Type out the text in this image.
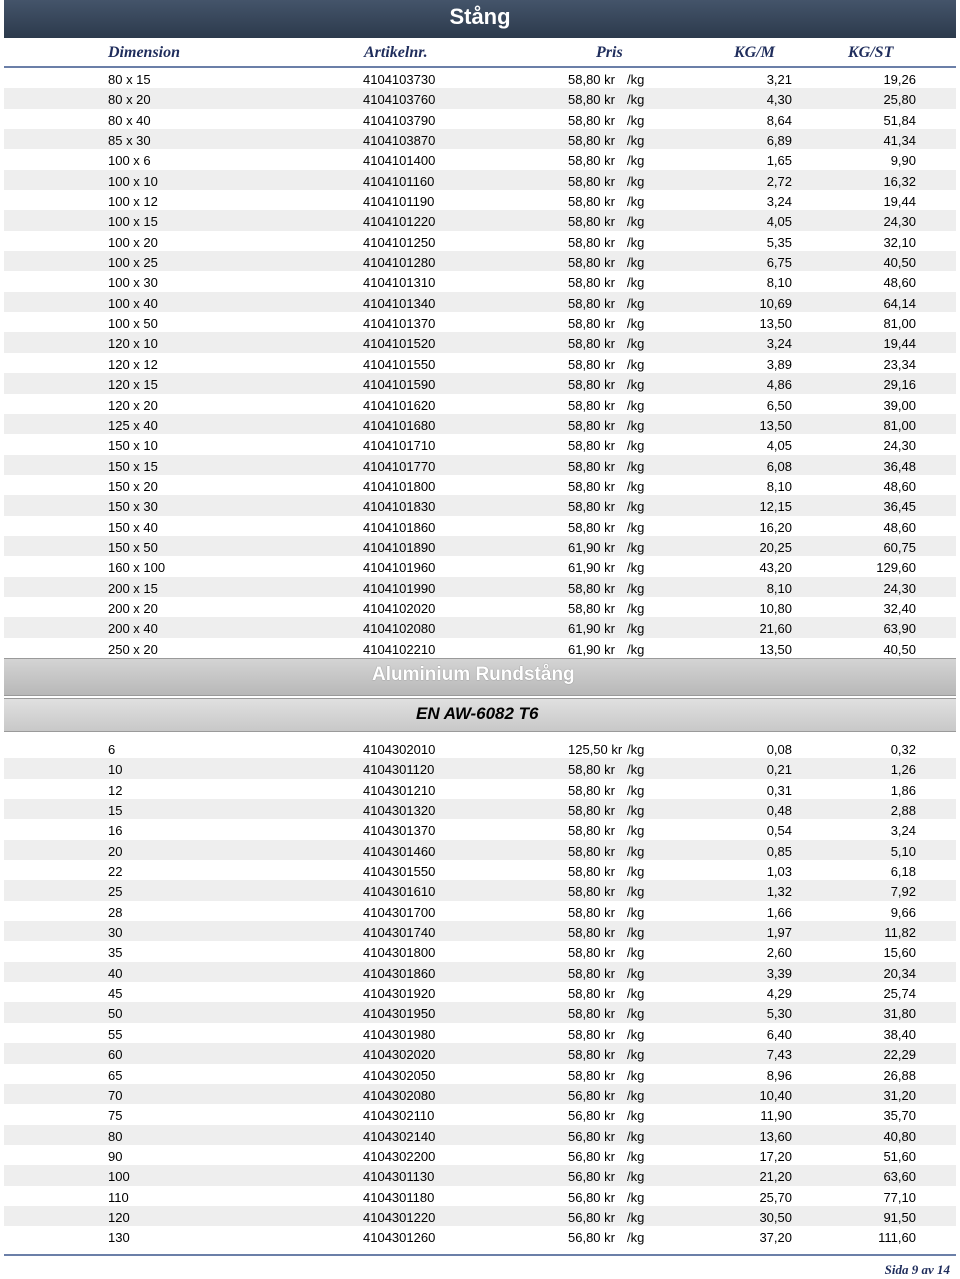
Stång
Dimension	Artikelnr.	Pris	KG/M	KG/ST
80 x 15	4104103730	58,80 kr /kg	3,21	19,26
80 x 20	4104103760	58,80 kr /kg	4,30	25,80
80 x 40	4104103790	58,80 kr /kg	8,64	51,84
85 x 30	4104103870	58,80 kr /kg	6,89	41,34
100 x 6	4104101400	58,80 kr /kg	1,65	9,90
100 x 10	4104101160	58,80 kr /kg	2,72	16,32
100 x 12	4104101190	58,80 kr /kg	3,24	19,44
100 x 15	4104101220	58,80 kr /kg	4,05	24,30
100 x 20	4104101250	58,80 kr /kg	5,35	32,10
100 x 25	4104101280	58,80 kr /kg	6,75	40,50
100 x 30	4104101310	58,80 kr /kg	8,10	48,60
100 x 40	4104101340	58,80 kr /kg	10,69	64,14
100 x 50	4104101370	58,80 kr /kg	13,50	81,00
120 x 10	4104101520	58,80 kr /kg	3,24	19,44
120 x 12	4104101550	58,80 kr /kg	3,89	23,34
120 x 15	4104101590	58,80 kr /kg	4,86	29,16
120 x 20	4104101620	58,80 kr /kg	6,50	39,00
125 x 40	4104101680	58,80 kr /kg	13,50	81,00
150 x 10	4104101710	58,80 kr /kg	4,05	24,30
150 x 15	4104101770	58,80 kr /kg	6,08	36,48
150 x 20	4104101800	58,80 kr /kg	8,10	48,60
150 x 30	4104101830	58,80 kr /kg	12,15	36,45
150 x 40	4104101860	58,80 kr /kg	16,20	48,60
150 x 50	4104101890	61,90 kr /kg	20,25	60,75
160 x 100	4104101960	61,90 kr /kg	43,20	129,60
200 x 15	4104101990	58,80 kr /kg	8,10	24,30
200 x 20	4104102020	58,80 kr /kg	10,80	32,40
200 x 40	4104102080	61,90 kr /kg	21,60	63,90
250 x 20	4104102210	61,90 kr /kg	13,50	40,50
Aluminium Rundstång
EN AW-6082 T6
6	4104302010	125,50 kr /kg	0,08	0,32
10	4104301120	58,80 kr /kg	0,21	1,26
12	4104301210	58,80 kr /kg	0,31	1,86
15	4104301320	58,80 kr /kg	0,48	2,88
16	4104301370	58,80 kr /kg	0,54	3,24
20	4104301460	58,80 kr /kg	0,85	5,10
22	4104301550	58,80 kr /kg	1,03	6,18
25	4104301610	58,80 kr /kg	1,32	7,92
28	4104301700	58,80 kr /kg	1,66	9,66
30	4104301740	58,80 kr /kg	1,97	11,82
35	4104301800	58,80 kr /kg	2,60	15,60
40	4104301860	58,80 kr /kg	3,39	20,34
45	4104301920	58,80 kr /kg	4,29	25,74
50	4104301950	58,80 kr /kg	5,30	31,80
55	4104301980	58,80 kr /kg	6,40	38,40
60	4104302020	58,80 kr /kg	7,43	22,29
65	4104302050	58,80 kr /kg	8,96	26,88
70	4104302080	56,80 kr /kg	10,40	31,20
75	4104302110	56,80 kr /kg	11,90	35,70
80	4104302140	56,80 kr /kg	13,60	40,80
90	4104302200	56,80 kr /kg	17,20	51,60
100	4104301130	56,80 kr /kg	21,20	63,60
110	4104301180	56,80 kr /kg	25,70	77,10
120	4104301220	56,80 kr /kg	30,50	91,50
130	4104301260	56,80 kr /kg	37,20	111,60
Sida 9 av 14
